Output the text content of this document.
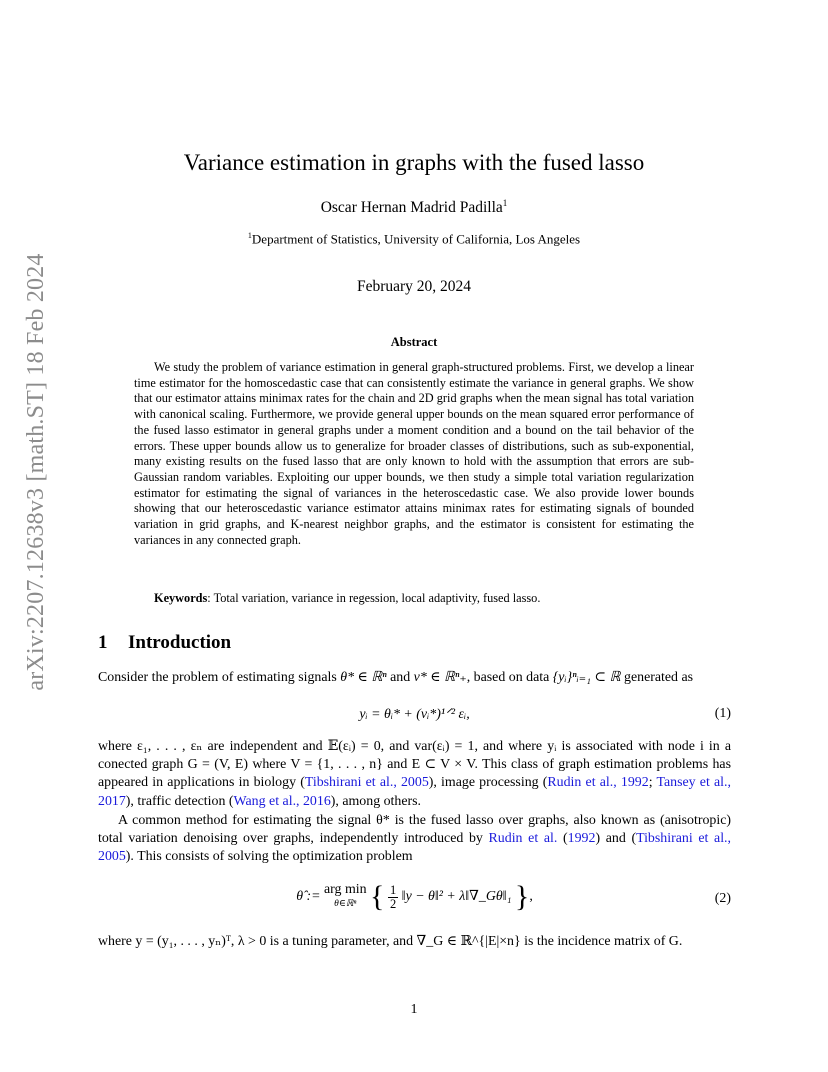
arXiv:2207.12638v3 [math.ST] 18 Feb 2024
Variance estimation in graphs with the fused lasso
Oscar Hernan Madrid Padilla$^1$
$^1$Department of Statistics, University of California, Los Angeles
February 20, 2024
Abstract
We study the problem of variance estimation in general graph-structured problems. First, we develop a linear time estimator for the homoscedastic case that can consistently estimate the variance in general graphs. We show that our estimator attains minimax rates for the chain and 2D grid graphs when the mean signal has total variation with canonical scaling. Furthermore, we provide general upper bounds on the mean squared error performance of the fused lasso estimator in general graphs under a moment condition and a bound on the tail behavior of the errors. These upper bounds allow us to generalize for broader classes of distributions, such as sub-exponential, many existing results on the fused lasso that are only known to hold with the assumption that errors are sub-Gaussian random variables. Exploiting our upper bounds, we then study a simple total variation regularization estimator for estimating the signal of variances in the heteroscedastic case. We also provide lower bounds showing that our heteroscedastic variance estimator attains minimax rates for estimating signals of bounded variation in grid graphs, and K-nearest neighbor graphs, and the estimator is consistent for estimating the variances in any connected graph.
Keywords: Total variation, variance in regession, local adaptivity, fused lasso.
1 Introduction
Consider the problem of estimating signals θ* ∈ ℝⁿ and v* ∈ ℝⁿ₊, based on data {yᵢ}ⁿᵢ₌₁ ⊂ ℝ generated as
yᵢ = θᵢ* + (vᵢ*)¹ᐟ² εᵢ,	(1)
where ε₁, . . . , εₙ are independent and 𝔼(εᵢ) = 0, and var(εᵢ) = 1, and where yᵢ is associated with node i in a conected graph G = (V, E) where V = {1, . . . , n} and E ⊂ V × V. This class of graph estimation problems has appeared in applications in biology (Tibshirani et al., 2005), image processing (Rudin et al., 1992; Tansey et al., 2017), traffic detection (Wang et al., 2016), among others.
A common method for estimating the signal θ* is the fused lasso over graphs, also known as (anisotropic) total variation denoising over graphs, independently introduced by Rudin et al. (1992) and (Tibshirani et al., 2005). This consists of solving the optimization problem
θ̂ := arg min
θ∈ℝⁿ { $\frac{1}{2}$ ‖y − θ‖² + λ‖∇_Gθ‖₁ },	(2)
where y = (y₁, . . . , yₙ)ᵀ, λ > 0 is a tuning parameter, and ∇_G ∈ ℝ^{|E|×n} is the incidence matrix of G.
1
